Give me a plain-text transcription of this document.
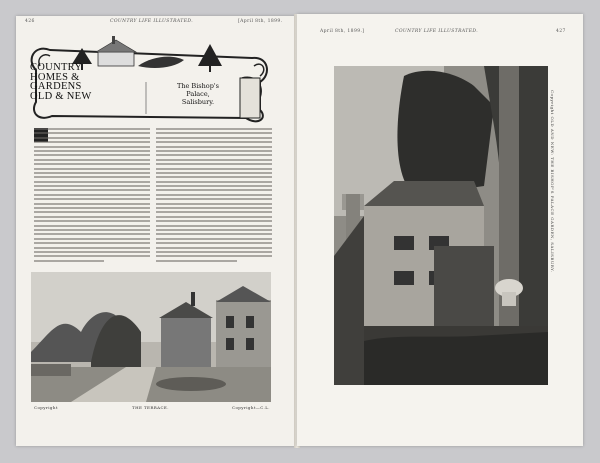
426	COUNTRY LIFE ILLUSTRATED.	[April 8th, 1899.
COUNTRY
HOMES &
GARDENS
OLD & NEW
The Bishop's
Palace,
Salisbury.
Copyright	THE TERRACE.	Copyright—C.L.
April 8th, 1899.]	COUNTRY LIFE ILLUSTRATED.	427
Copyright OLD AND NEW: THE BISHOP'S PALACE GARDEN, SALISBURY.
